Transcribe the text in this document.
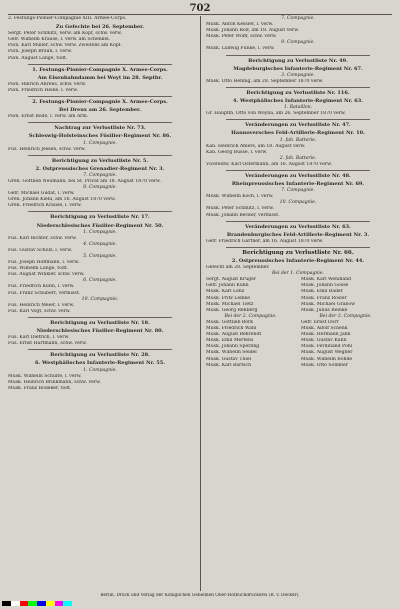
702
2. Festungs-Pionier-Compagnie XIII. Armee-Corps.
Zu Gefechte bei 26. September.
Sergt. Peter Schmitz, Verw. am Kopf, schw. verw.
Gefr. Wilhelm Krause, l. verw. am Schenkel.
Pion. Karl Müller, schw. verw. Zweitens am Kopf.
Pion. Joseph Braun, l. verw.
Pion. August Lange, todt.
1. Festungs-Pionier-Compagnie X. Armee-Corps.
Am Eisenbahndamm bei Woyt im 28. Septbr.
Pion. Hinrich Ahrens, schw. verw.
Pion. Friedrich Heine, l. verw.
2. Festungs-Pionier-Compagnie X. Armee-Corps.
Bei Dreux am 26. September.
Pion. Ernst Bode, l. verw. am Arm.
Nachtrag zur Verlustliste Nr. 73.
Schleswig-Holsteinsches Füsilier-Regiment Nr. 86.
1. Compagnie.
Füs. Heinrich Jessen, schw. verw.
Berichtigung zu Verlustliste Nr. 5.
2. Ostpreussisches Grenadier-Regiment Nr. 3.
7. Compagnie.
Gren. Gottlieb Neumann, bei St. Privat am 18. August 1870 verw.
8. Compagnie.
Gefr. Michael Gudat, l. verw.
Gren. Johann Kiehl, am 16. August 1870 verw.
Gren. Friedrich Krause, l. verw.
Berichtigung zu Verlustliste Nr. 17.
Niederschlesisches Füsilier-Regiment Nr. 50.
1. Compagnie.
Füs. Karl Richter, schw. verw.
4. Compagnie.
Füs. Gustav Scholz, l. verw.
5. Compagnie.
Füs. Joseph Hoffmann, l. verw.
Füs. Wilhelm Lange, todt.
Füs. August Winkler, schw. verw.
6. Compagnie.
Füs. Friedrich Kühn, l. verw.
Füs. Franz Schubert, vermisst.
10. Compagnie.
Füs. Heinrich Meier, l. verw.
Füs. Karl Vogt, schw. verw.
Berichtigung zu Verlustliste Nr. 18.
Niederschlesisches Füsilier-Regiment Nr. 80.
Füs. Karl Dietrich, l. verw.
Füs. Ernst Hartmann, schw. verw.
Berichtigung zu Verlustliste Nr. 28.
6. Westphälisches Infanterie-Regiment Nr. 55.
1. Compagnie.
Musk. Wilhelm Schulte, l. verw.
Musk. Heinrich Brinkmann, schw. verw.
Musk. Franz Bödeker, todt.
7. Compagnie.
Musk. Anton Kessler, l. verw.
Musk. Johann Rolf, am 18. August verw.
Musk. Peter Wolff, schw. verw.
9. Compagnie.
Musk. Ludwig Funke, l. verw.
Berichtigung zu Verlustliste Nr. 49.
Magdeburgisches Infanterie-Regiment Nr. 67.
3. Compagnie.
Musk. Otto Hennig, am 28. September 1870 verw.
Berichtigung zu Verlustliste Nr. 116.
4. Westphälisches Infanterie-Regiment Nr. 63.
1. Bataillon.
Gr. Hauptm. Otto von Woyna, am 26. September 1870 verw.
Veränderungen zu Verlustliste Nr. 47.
Hannoversches Feld-Artillerie-Regiment Nr. 10.
1. fah. Batterie.
Kan. Heinrich Ahlers, am 18. August verw.
Kan. Georg Busse, l. verw.
2. fah. Batterie.
Vicefeldw. Karl Ostermann, am 16. August 1870 verw.
Veränderungen zu Verlustliste Nr. 48.
Rheinpreussisches Infanterie-Regiment Nr. 69.
7. Compagnie.
Musk. Wilhelm Koch, l. verw.
10. Compagnie.
Musk. Peter Schmitz, l. verw.
Musk. Johann Becker, vermisst.
Veränderungen zu Verlustliste Nr. 63.
Brandenburgisches Feld-Artillerie-Regiment Nr. 3.
Gefr. Friedrich Gärtner, am 16. August 1870 verw.
Berichtigung zu Verlustliste Nr. 66.
2. Ostpreussisches Infanterie-Regiment Nr. 44.
Gefecht am 28. September.
Bei der 1. Compagnie.
Sergt. August Krüger
Gefr. Johann Kuhn
Musk. Karl Lenz
Musk. Fritz Lemke
Musk. Michael Tietz
Musk. Georg Rehberg
Bei der 2. Compagnie.
Musk. Gottlieb Bork
Musk. Friedrich Wahl
Musk. August Behrendt
Musk. Emil Mertens
Musk. Johann Sperling
Musk. Wilhelm Seidel
Musk. Gustav Thiel
Musk. Karl Bartsch
Musk. Karl Wendland
Musk. Johann Gosse
Musk. Emil Bader
Musk. Franz Rösler
Musk. Michael Grabow
Musk. Julius Reinke
Bei der 3. Compagnie.
Gefr. Ernst Dörr
Musk. Adolf Schenk
Musk. Hermann Jahn
Musk. Gustav Kühn
Musk. Ferdinand Pohl
Musk. August Wegner
Musk. Wilhelm Rohde
Musk. Otto Sommer
Berlin, Druck und Verlag der Königlichen Geheimen Ober-Hofbuchdruckerei (R. v. Decker).
